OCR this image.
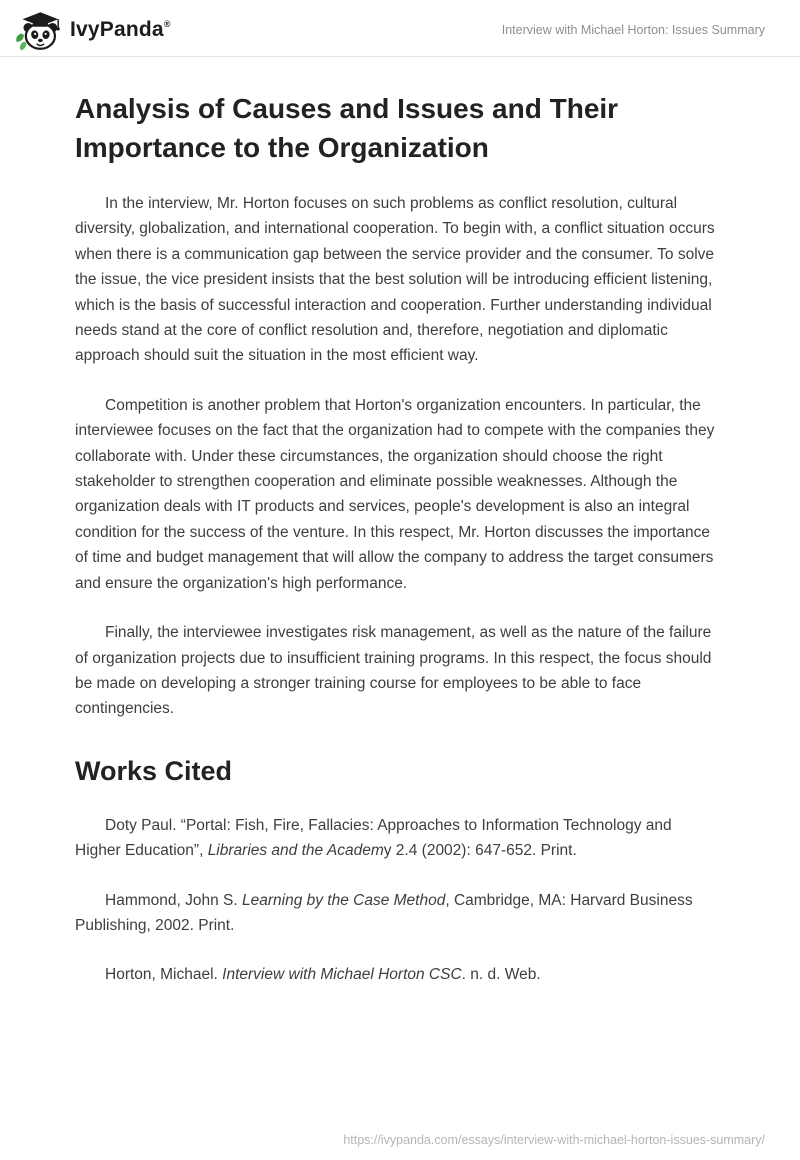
IvyPanda®	Interview with Michael Horton: Issues Summary
Analysis of Causes and Issues and Their Importance to the Organization

In the interview, Mr. Horton focuses on such problems as conflict resolution, cultural diversity, globalization, and international cooperation. To begin with, a conflict situation occurs when there is a communication gap between the service provider and the consumer. To solve the issue, the vice president insists that the best solution will be introducing efficient listening, which is the basis of successful interaction and cooperation. Further understanding individual needs stand at the core of conflict resolution and, therefore, negotiation and diplomatic approach should suit the situation in the most efficient way.

Competition is another problem that Horton's organization encounters. In particular, the interviewee focuses on the fact that the organization had to compete with the companies they collaborate with. Under these circumstances, the organization should choose the right stakeholder to strengthen cooperation and eliminate possible weaknesses. Although the organization deals with IT products and services, people's development is also an integral condition for the success of the venture. In this respect, Mr. Horton discusses the importance of time and budget management that will allow the company to address the target consumers and ensure the organization's high performance.

Finally, the interviewee investigates risk management, as well as the nature of the failure of organization projects due to insufficient training programs. In this respect, the focus should be made on developing a stronger training course for employees to be able to face contingencies.

Works Cited

Doty Paul. “Portal: Fish, Fire, Fallacies: Approaches to Information Technology and Higher Education”, Libraries and the Academy 2.4 (2002): 647-652. Print.

Hammond, John S. Learning by the Case Method, Cambridge, MA: Harvard Business Publishing, 2002. Print.

Horton, Michael. Interview with Michael Horton CSC. n. d. Web.

https://ivypanda.com/essays/interview-with-michael-horton-issues-summary/
